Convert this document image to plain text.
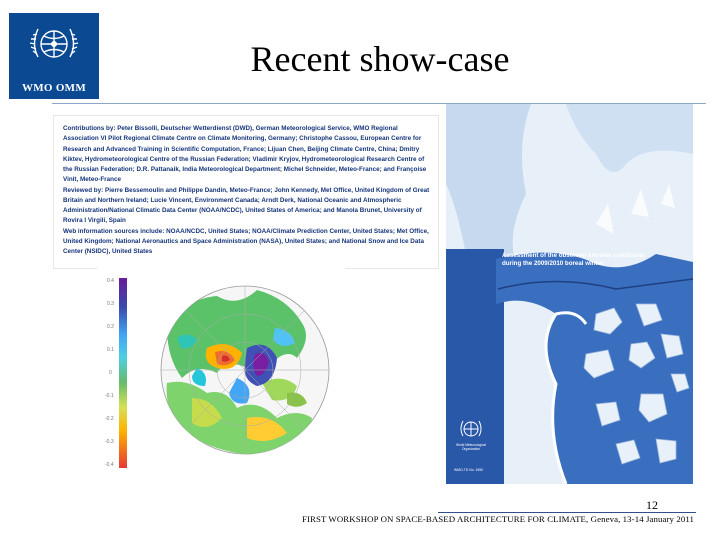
WMO OMM
Recent show-case
Contributions by: Peter Bissolli, Deutscher Wetterdienst (DWD), German Meteorological Service, WMO Regional Association VI Pilot Regional Climate Centre on Climate Monitoring, Germany; Christophe Cassou, European Centre for Research and Advanced Training in Scientific Computation, France; Lijuan Chen, Beijing Climate Centre, China; Dmitry Kiktev, Hydrometeorological Centre of the Russian Federation; Vladimir Kryjov, Hydrometeorological Research Centre of the Russian Federation; D.R. Pattanaik, India Meteorological Department; Michel Schneider, Meteo-France; and Françoise Vinit, Meteo-France
Reviewed by: Pierre Bessemoulin and Philippe Dandin, Meteo-France; John Kennedy, Met Office, United Kingdom of Great Britain and Northern Ireland; Lucie Vincent, Environment Canada; Arndt Derk, National Oceanic and Atmospheric Administration/National Climatic Data Center (NOAA/NCDC), United States of America; and Manola Brunet, University of Rovira I Virgili, Spain
Web information sources include: NOAA/NCDC, United States; NOAA/Climate Prediction Center, United States; Met Office, United Kingdom; National Aeronautics and Space Administration (NASA), United States; and National Snow and Ice Data Center (NSIDC), United States
0.4
0.3
0.2
0.1
0
-0.1
-0.2
-0.3
-0.4
Assessment of the observed extreme conditions during the 2009/2010 boreal winter
World Meteorological Organization
WMO-TD No. 1550
12
FIRST WORKSHOP ON SPACE-BASED ARCHITECTURE FOR CLIMATE, Geneva, 13-14 January 2011
